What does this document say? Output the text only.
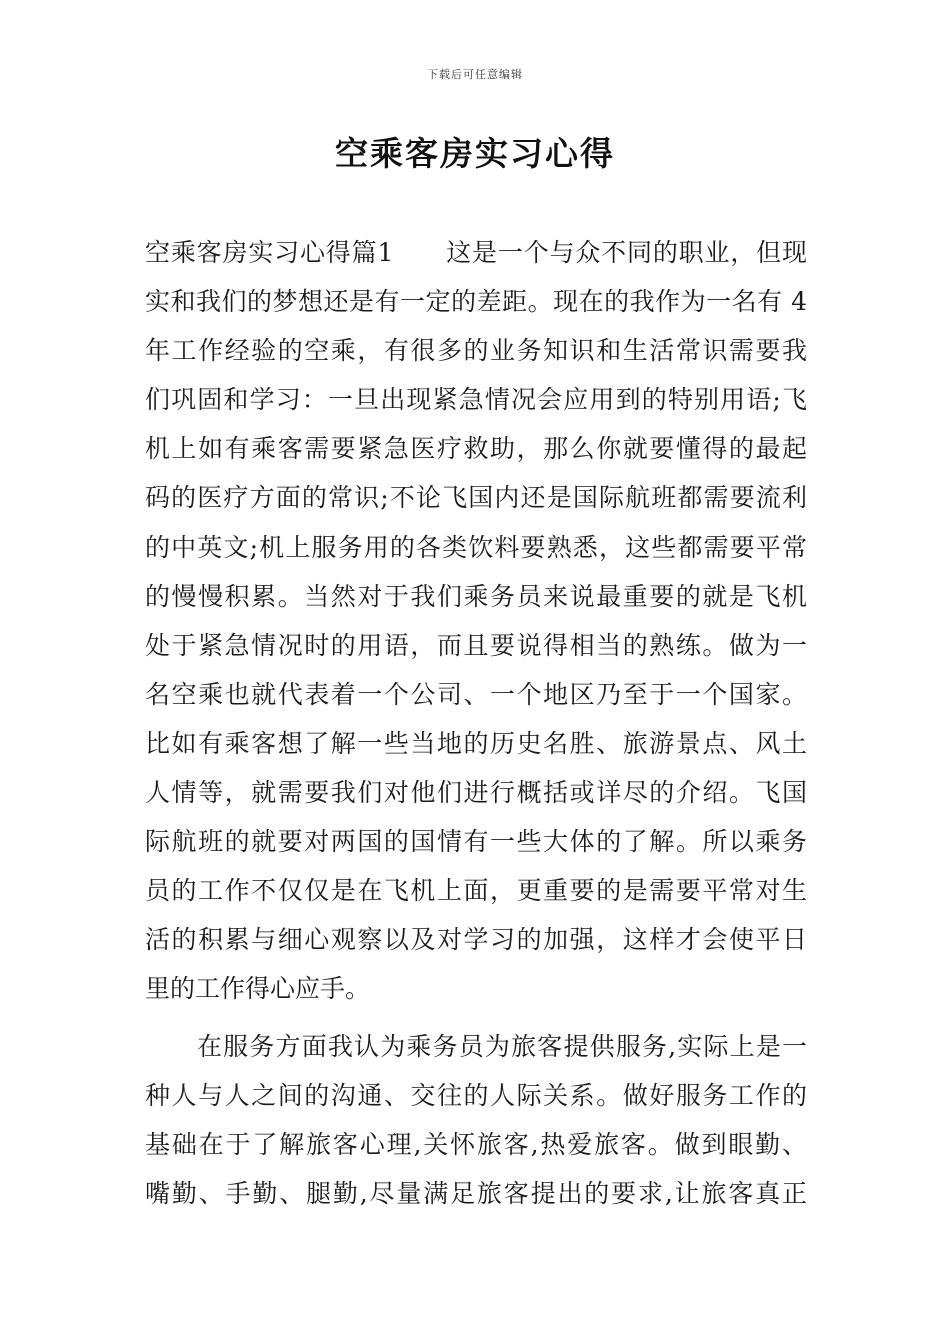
下载后可任意编辑
空乘客房实习心得
空乘客房实习心得篇1 这是一个与众不同的职业，但现
实和我们的梦想还是有一定的差距。现在的我作为一名有 4
年工作经验的空乘，有很多的业务知识和生活常识需要我
们巩固和学习：一旦出现紧急情况会应用到的特别用语;飞
机上如有乘客需要紧急医疗救助，那么你就要懂得的最起
码的医疗方面的常识;不论飞国内还是国际航班都需要流利
的中英文;机上服务用的各类饮料要熟悉，这些都需要平常
的慢慢积累。当然对于我们乘务员来说最重要的就是飞机
处于紧急情况时的用语，而且要说得相当的熟练。做为一
名空乘也就代表着一个公司、一个地区乃至于一个国家。
比如有乘客想了解一些当地的历史名胜、旅游景点、风土
人情等，就需要我们对他们进行概括或详尽的介绍。飞国
际航班的就要对两国的国情有一些大体的了解。所以乘务
员的工作不仅仅是在飞机上面，更重要的是需要平常对生
活的积累与细心观察以及对学习的加强，这样才会使平日
里的工作得心应手。
在服务方面我认为乘务员为旅客提供服务,实际上是一
种人与人之间的沟通、交往的人际关系。做好服务工作的
基础在于了解旅客心理,关怀旅客,热爱旅客。做到眼勤、
嘴勤、手勤、腿勤,尽量满足旅客提出的要求,让旅客真正
